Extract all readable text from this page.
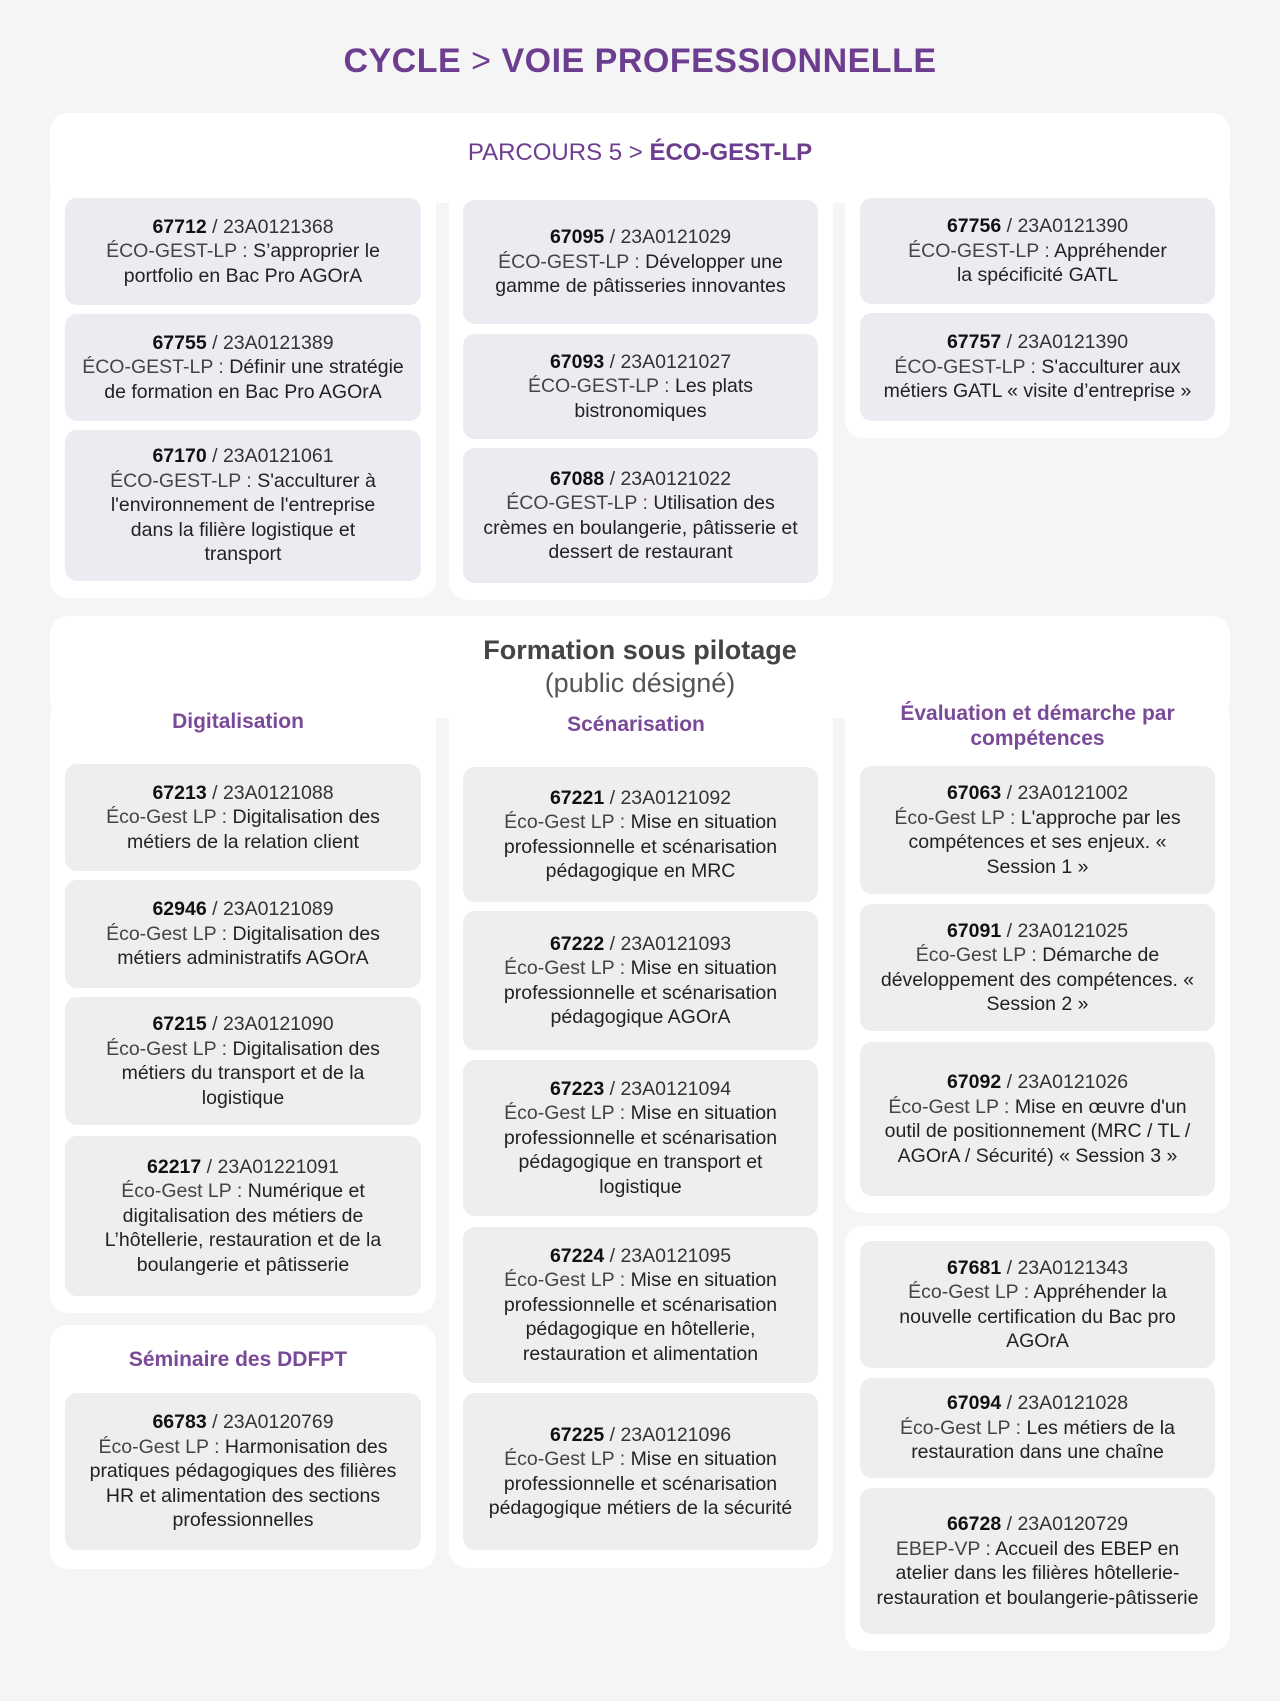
CYCLE > VOIE PROFESSIONNELLE
PARCOURS 5 > ÉCO-GEST-LP
67712 / 23A0121368
ÉCO-GEST-LP : S’approprier le portfolio en Bac Pro AGOrA
67755 / 23A0121389
ÉCO-GEST-LP : Définir une stratégie de formation en Bac Pro AGOrA
67170 / 23A0121061
ÉCO-GEST-LP : S'acculturer à l'environnement de l'entreprise dans la filière logistique et transport
67095 / 23A0121029
ÉCO-GEST-LP : Développer une gamme de pâtisseries innovantes
67093 / 23A0121027
ÉCO-GEST-LP : Les plats bistronomiques
67088 / 23A0121022
ÉCO-GEST-LP : Utilisation des crèmes en boulangerie, pâtisserie et dessert de restaurant
67756 / 23A0121390
ÉCO-GEST-LP : Appréhender la spécificité GATL
67757 / 23A0121390
ÉCO-GEST-LP : S'acculturer aux métiers GATL « visite d’entreprise »
Formation sous pilotage
(public désigné)
Digitalisation	Scénarisation	Évaluation et démarche par compétences
Séminaire des DDFPT
67213 / 23A0121088
Éco-Gest LP : Digitalisation des métiers de la relation client
62946 / 23A0121089
Éco-Gest LP : Digitalisation des métiers administratifs AGOrA
67215 / 23A0121090
Éco-Gest LP : Digitalisation des métiers du transport et de la logistique
62217 / 23A01221091
Éco-Gest LP : Numérique et digitalisation des métiers de L’hôtellerie, restauration et de la boulangerie et pâtisserie
66783 / 23A0120769
Éco-Gest LP : Harmonisation des pratiques pédagogiques des filières HR et alimentation des sections professionnelles
67221 / 23A0121092
Éco-Gest LP : Mise en situation professionnelle et scénarisation pédagogique en MRC
67222 / 23A0121093
Éco-Gest LP : Mise en situation professionnelle et scénarisation pédagogique AGOrA
67223 / 23A0121094
Éco-Gest LP : Mise en situation professionnelle et scénarisation pédagogique en transport et logistique
67224 / 23A0121095
Éco-Gest LP : Mise en situation professionnelle et scénarisation pédagogique en hôtellerie, restauration et alimentation
67225 / 23A0121096
Éco-Gest LP : Mise en situation professionnelle et scénarisation pédagogique métiers de la sécurité
67063 / 23A0121002
Éco-Gest LP : L'approche par les compétences et ses enjeux. « Session 1 »
67091 / 23A0121025
Éco-Gest LP : Démarche de développement des compétences. « Session 2 »
67092 / 23A0121026
Éco-Gest LP : Mise en œuvre d'un outil de positionnement (MRC / TL / AGOrA / Sécurité) « Session 3 »
67681 / 23A0121343
Éco-Gest LP : Appréhender la nouvelle certification du Bac pro AGOrA
67094 / 23A0121028
Éco-Gest LP : Les métiers de la restauration dans une chaîne
66728 / 23A0120729
EBEP-VP : Accueil des EBEP en atelier dans les filières hôtellerie-restauration et boulangerie-pâtisserie
